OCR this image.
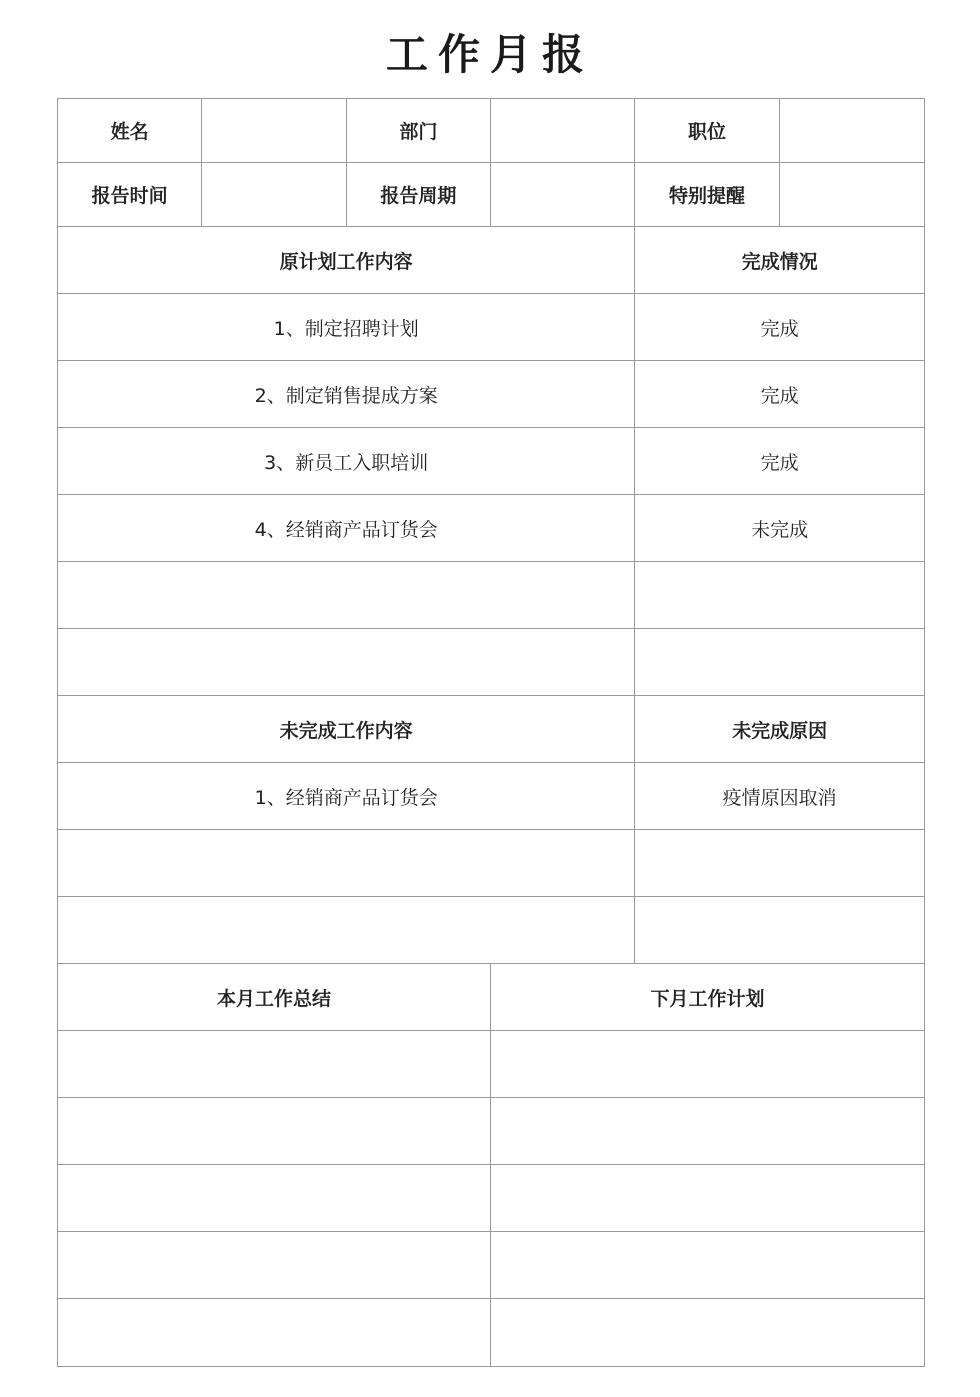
工作月报
姓名	部门	职位
报告时间	报告周期	特别提醒
原计划工作内容	完成情况
1、制定招聘计划	完成
2、制定销售提成方案	完成
3、新员工入职培训	完成
4、经销商产品订货会	未完成
未完成工作内容	未完成原因
1、经销商产品订货会	疫情原因取消
本月工作总结	下月工作计划
